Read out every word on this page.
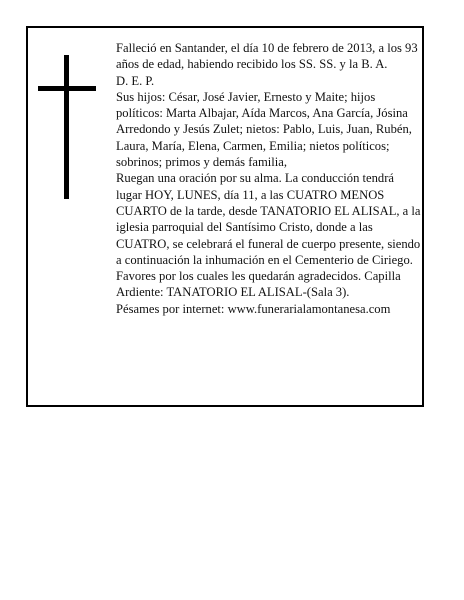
Falleció en Santander, el día 10 de febrero de 2013, a los 93 años de edad, habiendo recibido los SS. SS. y la B. A.

D. E. P.

Sus hijos: César, José Javier, Ernesto y Maite; hijos políticos: Marta Albajar, Aída Marcos, Ana García, Jósina Arredondo y Jesús Zulet; nietos: Pablo, Luis, Juan, Rubén, Laura, María, Elena, Carmen, Emilia; nietos políticos; sobrinos; primos y demás familia,

Ruegan una oración por su alma. La conducción tendrá lugar HOY, LUNES, día 11, a las CUATRO MENOS CUARTO de la tarde, desde TANATORIO EL ALISAL, a la iglesia parroquial del Santísimo Cristo, donde a las CUATRO, se celebrará el funeral de cuerpo presente, siendo a continuación la inhumación en el Cementerio de Ciriego. Favores por los cuales les quedarán agradecidos. Capilla Ardiente: TANATORIO EL ALISAL-(Sala 3).

Pésames por internet: www.funerarialamontanesa.com
